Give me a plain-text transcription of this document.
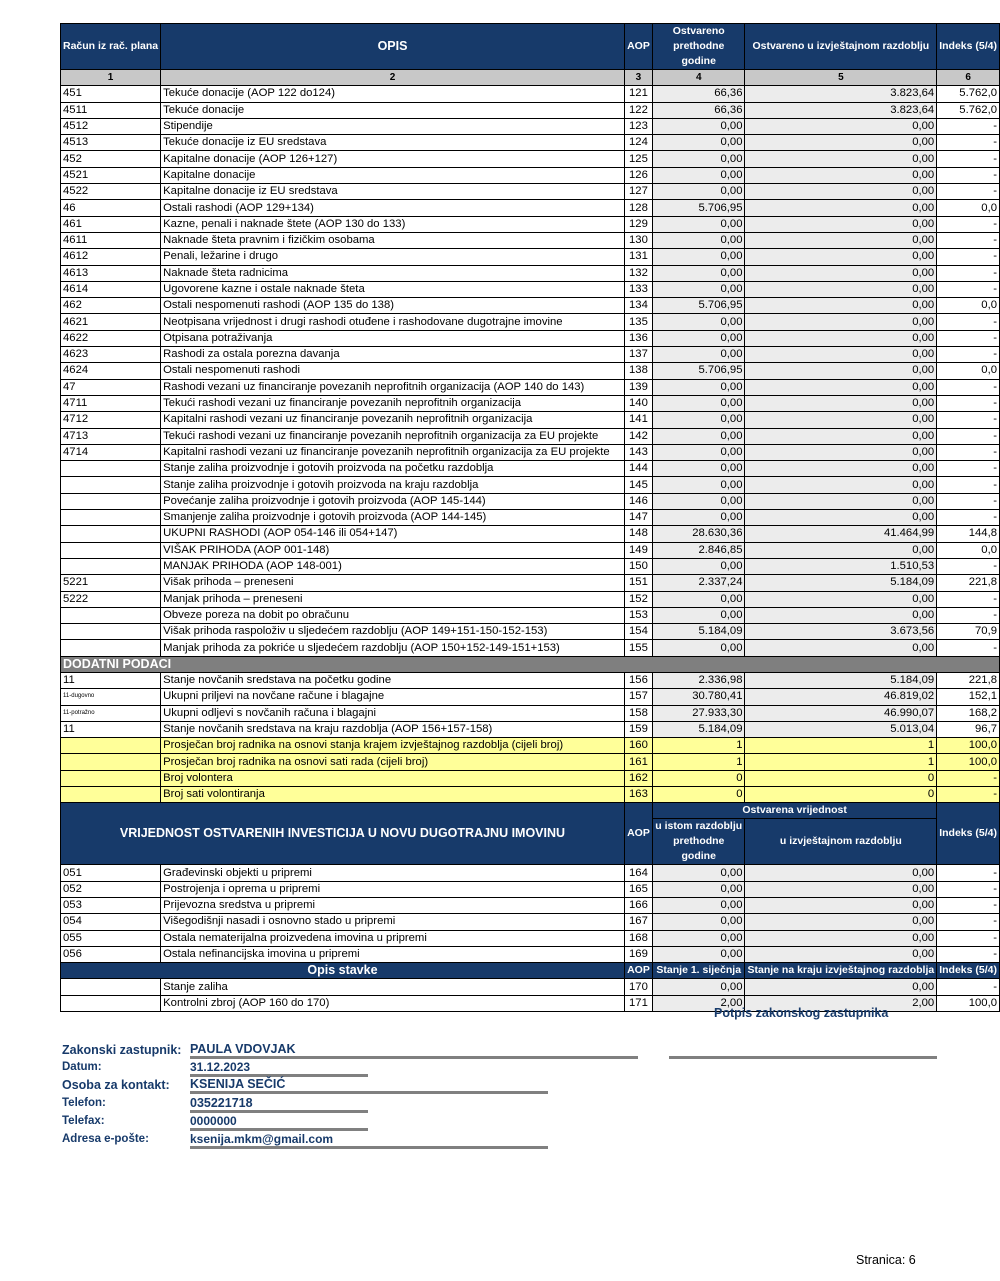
Račun iz rač. plana	OPIS	AOP	Ostvareno prethodne godine	Ostvareno u izvještajnom razdoblju	Indeks (5/4)
1	2	3	4	5	6
451	Tekuće donacije (AOP 122 do124)	121	66,36	3.823,64	5.762,0
4511	Tekuće donacije	122	66,36	3.823,64	5.762,0
4512	Stipendije	123	0,00	0,00	-
4513	Tekuće donacije iz EU sredstava	124	0,00	0,00	-
452	Kapitalne donacije (AOP 126+127)	125	0,00	0,00	-
4521	Kapitalne donacije	126	0,00	0,00	-
4522	Kapitalne donacije iz EU sredstava	127	0,00	0,00	-
46	Ostali rashodi (AOP 129+134)	128	5.706,95	0,00	0,0
461	Kazne, penali i naknade štete (AOP 130 do 133)	129	0,00	0,00	-
4611	Naknade šteta pravnim i fizičkim osobama	130	0,00	0,00	-
4612	Penali, ležarine i drugo	131	0,00	0,00	-
4613	Naknade šteta radnicima	132	0,00	0,00	-
4614	Ugovorene kazne i ostale naknade šteta	133	0,00	0,00	-
462	Ostali nespomenuti rashodi (AOP 135 do 138)	134	5.706,95	0,00	0,0
4621	Neotpisana vrijednost i drugi rashodi otuđene i rashodovane dugotrajne imovine	135	0,00	0,00	-
4622	Otpisana potraživanja	136	0,00	0,00	-
4623	Rashodi za ostala porezna davanja	137	0,00	0,00	-
4624	Ostali nespomenuti rashodi	138	5.706,95	0,00	0,0
47	Rashodi vezani uz financiranje povezanih neprofitnih organizacija (AOP 140 do 143)	139	0,00	0,00	-
4711	Tekući rashodi vezani uz financiranje povezanih neprofitnih organizacija	140	0,00	0,00	-
4712	Kapitalni rashodi vezani uz financiranje povezanih neprofitnih organizacija	141	0,00	0,00	-
4713	Tekući rashodi vezani uz financiranje povezanih neprofitnih organizacija za EU projekte	142	0,00	0,00	-
4714	Kapitalni rashodi vezani uz financiranje povezanih neprofitnih organizacija za EU projekte	143	0,00	0,00	-
	Stanje zaliha proizvodnje i gotovih proizvoda na početku razdoblja	144	0,00	0,00	-
	Stanje zaliha proizvodnje i gotovih proizvoda na kraju razdoblja	145	0,00	0,00	-
	Povećanje zaliha proizvodnje i gotovih proizvoda (AOP 145-144)	146	0,00	0,00	-
	Smanjenje zaliha proizvodnje i gotovih proizvoda (AOP 144-145)	147	0,00	0,00	-
	UKUPNI RASHODI (AOP 054-146 ili 054+147)	148	28.630,36	41.464,99	144,8
	VIŠAK PRIHODA (AOP 001-148)	149	2.846,85	0,00	0,0
	MANJAK PRIHODA (AOP 148-001)	150	0,00	1.510,53	-
5221	Višak prihoda – preneseni	151	2.337,24	5.184,09	221,8
5222	Manjak prihoda – preneseni	152	0,00	0,00	-
	Obveze poreza na dobit po obračunu	153	0,00	0,00	-
	Višak prihoda raspoloživ u sljedećem razdoblju (AOP 149+151-150-152-153)	154	5.184,09	3.673,56	70,9
	Manjak prihoda za pokriće u sljedećem razdoblju (AOP 150+152-149-151+153)	155	0,00	0,00	-
DODATNI PODACI					
11	Stanje novčanih sredstava na početku godine	156	2.336,98	5.184,09	221,8
11-dugovno	Ukupni priljevi na novčane račune i blagajne	157	30.780,41	46.819,02	152,1
11-potražno	Ukupni odljevi s novčanih računa i blagajni	158	27.933,30	46.990,07	168,2
11	Stanje novčanih sredstava na kraju razdoblja (AOP 156+157-158)	159	5.184,09	5.013,04	96,7
	Prosječan broj radnika na osnovi stanja krajem izvještajnog razdoblja (cijeli broj)	160	1	1	100,0
	Prosječan broj radnika na osnovi sati rada (cijeli broj)	161	1	1	100,0
	Broj volontera	162	0	0	-
	Broj sati volontiranja	163	0	0	-
VRIJEDNOST OSTVARENIH INVESTICIJA U NOVU DUGOTRAJNU IMOVINU		AOP	Ostvarena vrijednost		Indeks (5/4)
			u istom razdoblju prethodne godine	u izvještajnom razdoblju	
051	Građevinski objekti u pripremi	164	0,00	0,00	-
052	Postrojenja i oprema u pripremi	165	0,00	0,00	-
053	Prijevozna sredstva u pripremi	166	0,00	0,00	-
054	Višegodišnji nasadi i osnovno stado u pripremi	167	0,00	0,00	-
055	Ostala nematerijalna proizvedena imovina u pripremi	168	0,00	0,00	-
056	Ostala nefinancijska imovina u pripremi	169	0,00	0,00	-
Opis stavke		AOP	Stanje 1. siječnja	Stanje na kraju izvještajnog razdoblja	Indeks (5/4)
	Stanje zaliha	170	0,00	0,00	-
	Kontrolni zbroj (AOP 160 do 170)	171	2,00	2,00	100,0
Potpis zakonskog zastupnika
Zakonski zastupnik: PAULA VDOVJAK
Datum:	31.12.2023
Osoba za kontakt: KSENIJA SEČIĆ
Telefon:	035221718
Telefax:	0000000
Adresa e-pošte:	ksenija.mkm@gmail.com
Stranica: 6
